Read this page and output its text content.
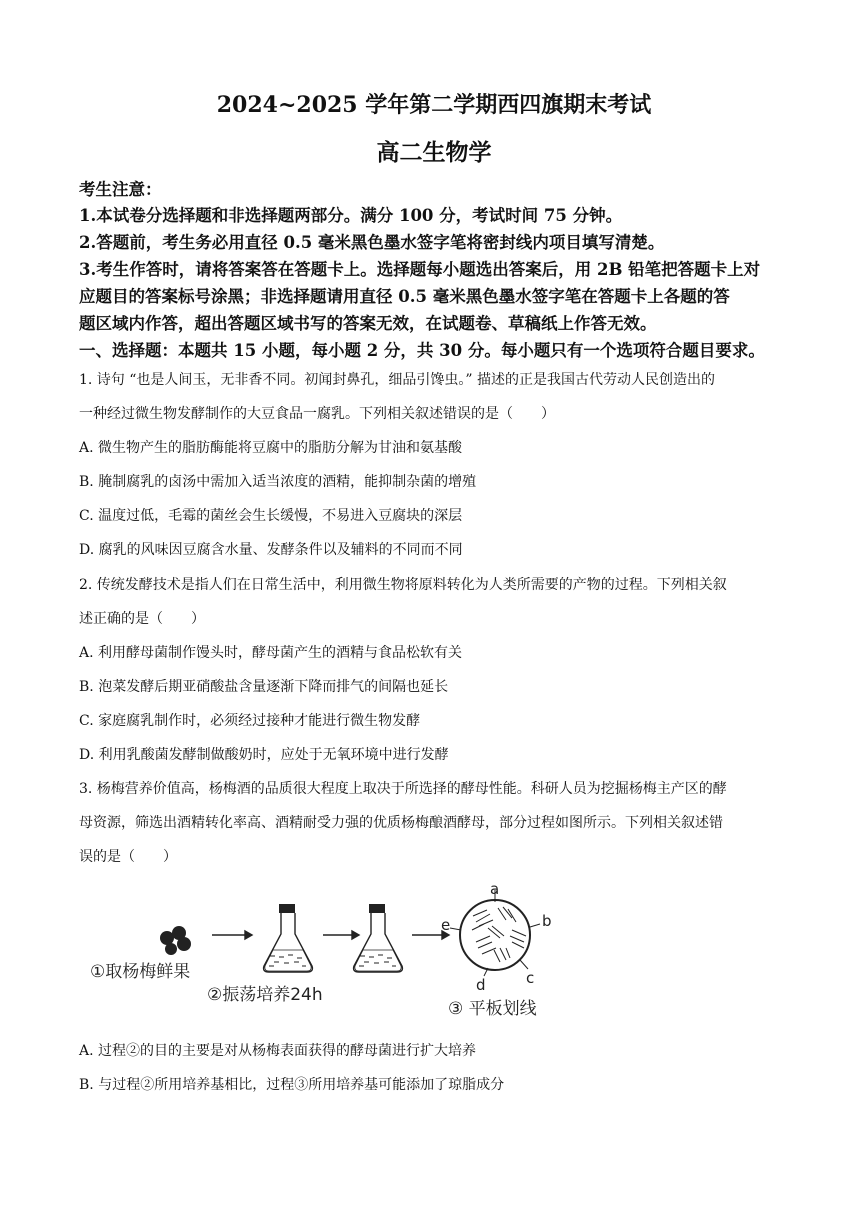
2024~2025 学年第二学期西四旗期末考试
高二生物学
考生注意：
1.本试卷分选择题和非选择题两部分。满分 100 分，考试时间 75 分钟。
2.答题前，考生务必用直径 0.5 毫米黑色墨水签字笔将密封线内项目填写清楚。
3.考生作答时，请将答案答在答题卡上。选择题每小题选出答案后，用 2B 铅笔把答题卡上对
应题目的答案标号涂黑；非选择题请用直径 0.5 毫米黑色墨水签字笔在答题卡上各题的答
题区域内作答，超出答题区域书写的答案无效，在试题卷、草稿纸上作答无效。
一、选择题：本题共 15 小题，每小题 2 分，共 30 分。每小题只有一个选项符合题目要求。
1. 诗句 “也是人间玉，无非香不同。初闻封鼻孔，细品引馋虫。” 描述的正是我国古代劳动人民创造出的
一种经过微生物发酵制作的大豆食品一腐乳。下列相关叙述错误的是（　　）
A. 微生物产生的脂肪酶能将豆腐中的脂肪分解为甘油和氨基酸
B. 腌制腐乳的卤汤中需加入适当浓度的酒精，能抑制杂菌的增殖
C. 温度过低，毛霉的菌丝会生长缓慢，不易进入豆腐块的深层
D. 腐乳的风味因豆腐含水量、发酵条件以及辅料的不同而不同
2. 传统发酵技术是指人们在日常生活中，利用微生物将原料转化为人类所需要的产物的过程。下列相关叙
述正确的是（　　）
A. 利用酵母菌制作馒头时，酵母菌产生的酒精与食品松软有关
B. 泡菜发酵后期亚硝酸盐含量逐渐下降而排气的间隔也延长
C. 家庭腐乳制作时，必须经过接种才能进行微生物发酵
D. 利用乳酸菌发酵制做酸奶时，应处于无氧环境中进行发酵
3. 杨梅营养价值高，杨梅酒的品质很大程度上取决于所选择的酵母性能。科研人员为挖掘杨梅主产区的酵
母资源，筛选出酒精转化率高、酒精耐受力强的优质杨梅酿酒酵母，部分过程如图所示。下列相关叙述错
误的是（　　）
a
b
c
d
e
①取杨梅鲜果
②振荡培养24h
③ 平板划线
A. 过程②的目的主要是对从杨梅表面获得的酵母菌进行扩大培养
B. 与过程②所用培养基相比，过程③所用培养基可能添加了琼脂成分
